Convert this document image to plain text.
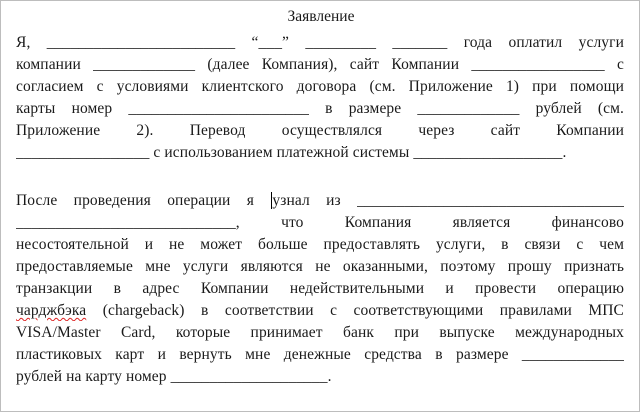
Заявление
Я, ________________________ “___” _________ _______ года оплатил услуги
компании _____________ (далее Компания), сайт Компании _________________ с
согласием с условиями клиентского договора (см. Приложение 1) при помощи
карты номер _______________________ в размере _____________ рублей (см.
Приложение 2). Перевод осуществлялся через сайт Компании
_________________ с использованием платежной системы ___________________.
После проведения операции я узнал из __________________________________
____________________________, что Компания является финансово
несостоятельной и не может больше предоставлять услуги, в связи с чем
предоставляемые мне услуги являются не оказанными, поэтому прошу признать
транзакции в адрес Компании недействительными и провести операцию
чарджбэка (chargeback) в соответствии с соответствующими правилами МПС
VISA/Master Card, которые принимает банк при выпуске международных
пластиковых карт и вернуть мне денежные средства в размере _____________
рублей на карту номер ____________________.
